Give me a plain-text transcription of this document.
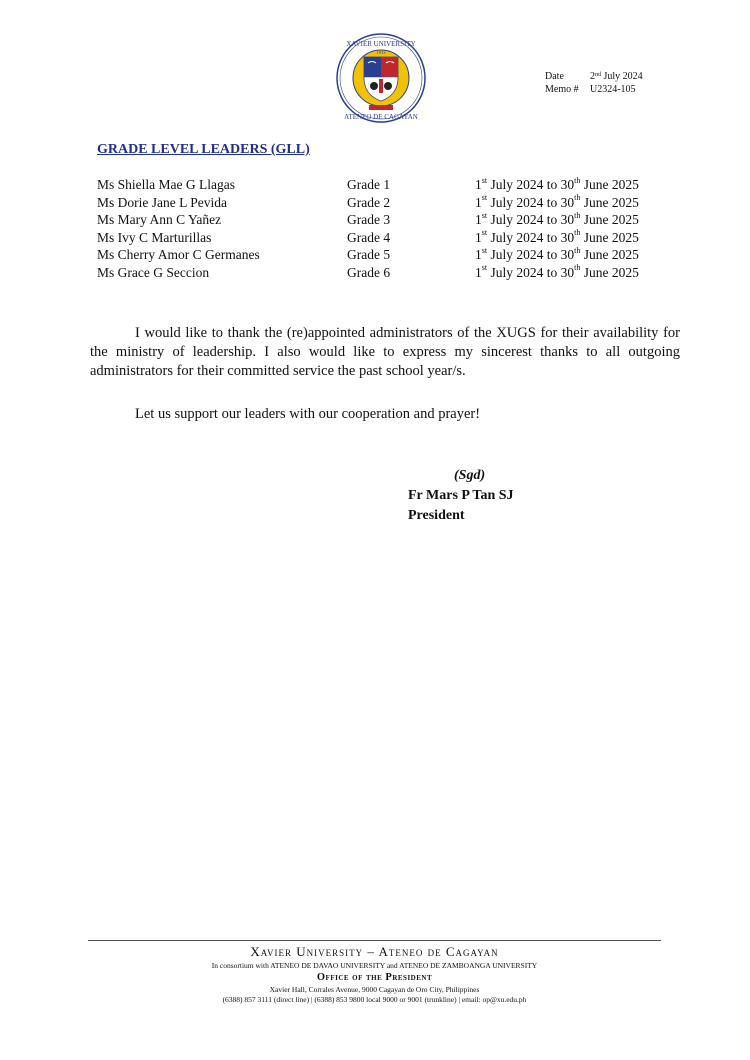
XAVIER UNIVERSITY
ATENEO DE CAGAYAN
1933
Date	2nd July 2024
Memo #	U2324-105
GRADE LEVEL LEADERS (GLL)
Ms Shiella Mae G Llagas	Grade 1	1st July 2024 to 30th June 2025
Ms Dorie Jane L Pevida	Grade 2	1st July 2024 to 30th June 2025
Ms Mary Ann C Yañez	Grade 3	1st July 2024 to 30th June 2025
Ms Ivy C Marturillas	Grade 4	1st July 2024 to 30th June 2025
Ms Cherry Amor C Germanes	Grade 5	1st July 2024 to 30th June 2025
Ms Grace G Seccion	Grade 6	1st July 2024 to 30th June 2025
I would like to thank the (re)appointed administrators of the XUGS for their availability for the ministry of leadership. I also would like to express my sincerest thanks to all outgoing administrators for their committed service the past school year/s.
Let us support our leaders with our cooperation and prayer!
(Sgd)
Fr Mars P Tan SJ
President
Xavier University – Ateneo de Cagayan
In consortium with ATENEO DE DAVAO UNIVERSITY and ATENEO DE ZAMBOANGA UNIVERSITY
Office of the President
Xavier Hall, Corrales Avenue, 9000 Cagayan de Oro City, Philippines
(6388) 857 3111 (direct line) | (6388) 853 9800 local 9000 or 9001 (trunkline) | email: op@xu.edu.ph
